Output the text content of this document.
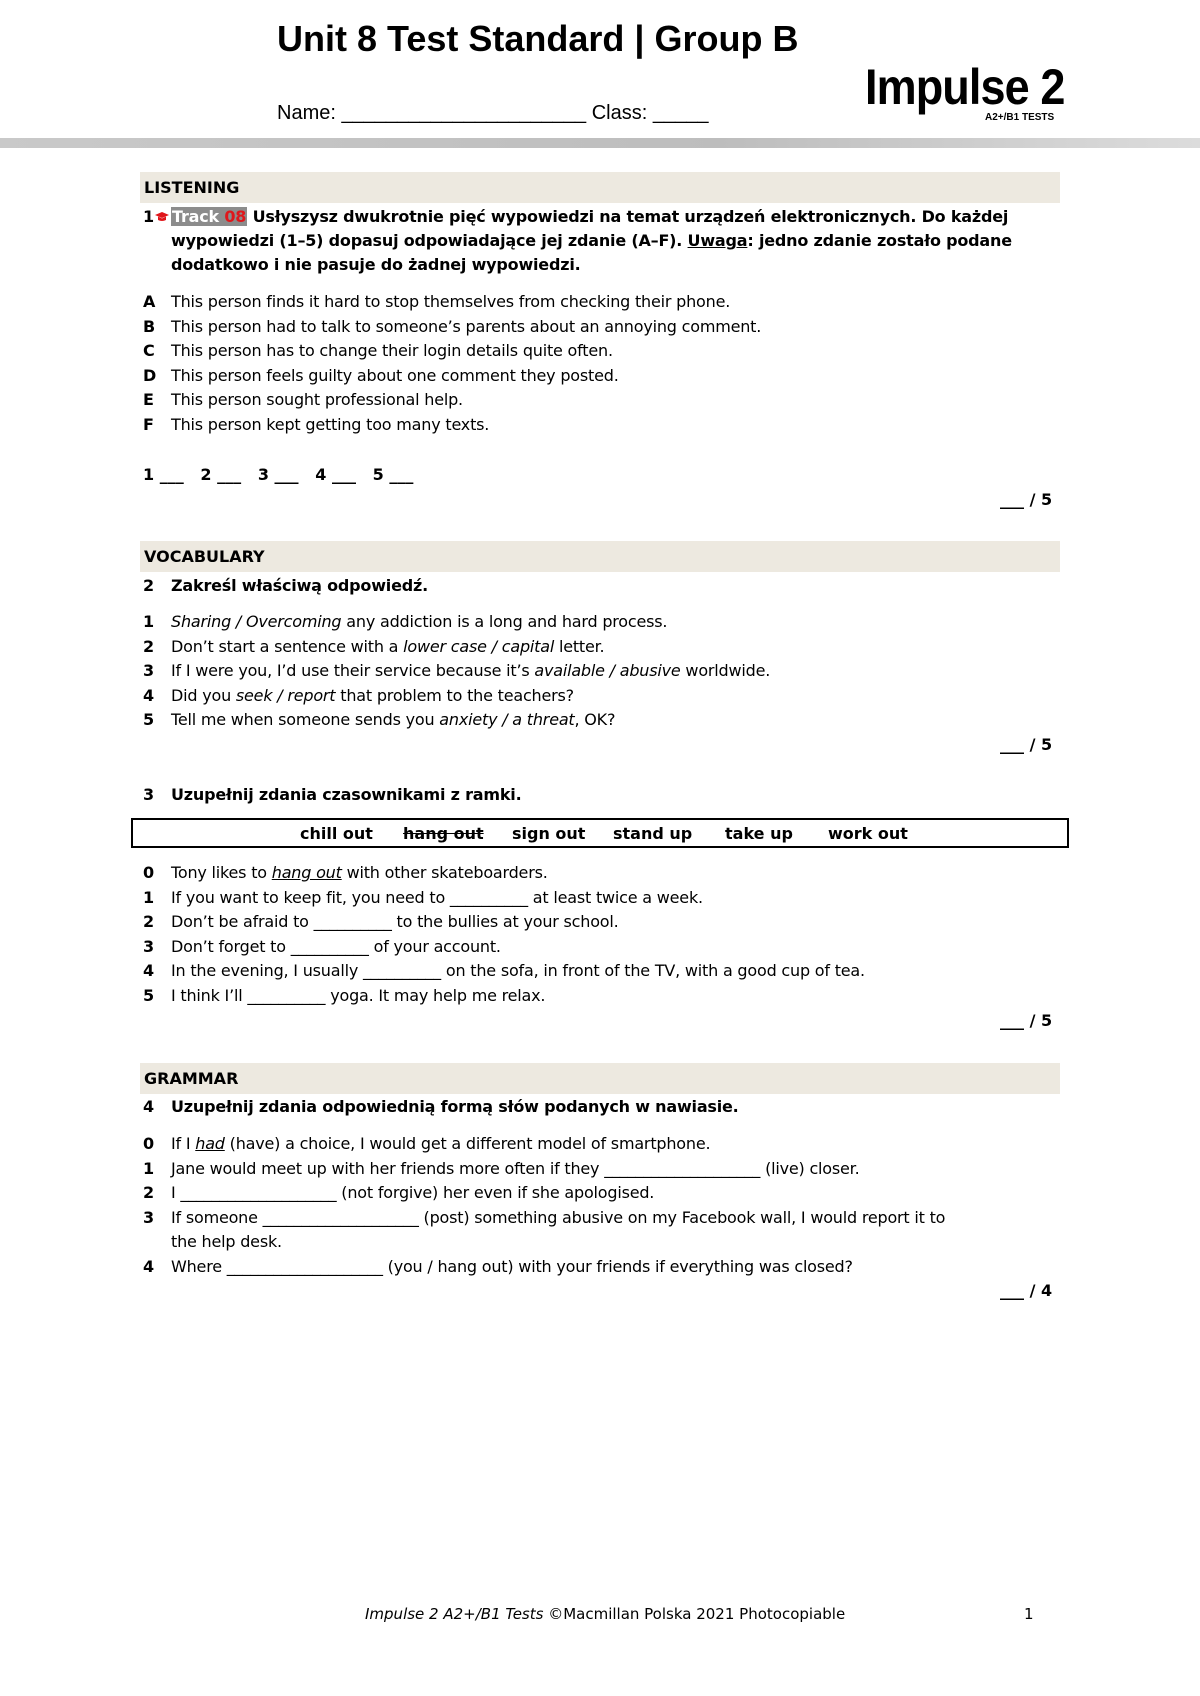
Unit 8 Test Standard | Group B
Name: ______________________ Class: _____	Impulse 2
A2+/B1 TESTS
LISTENING
1 Track 08 Usłyszysz dwukrotnie pięć wypowiedzi na temat urządzeń elektronicznych. Do każdej
wypowiedzi (1–5) dopasuj odpowiadające jej zdanie (A–F). Uwaga: jedno zdanie zostało podane
dodatkowo i nie pasuje do żadnej wypowiedzi.
A This person finds it hard to stop themselves from checking their phone.
B This person had to talk to someone’s parents about an annoying comment.
C This person has to change their login details quite often.
D This person feels guilty about one comment they posted.
E This person sought professional help.
F This person kept getting too many texts.
1 ___   2 ___   3 ___   4 ___   5 ___
___ / 5
VOCABULARY
2 Zakreśl właściwą odpowiedź.
1 Sharing / Overcoming any addiction is a long and hard process.
2 Don’t start a sentence with a lower case / capital letter.
3 If I were you, I’d use their service because it’s available / abusive worldwide.
4 Did you seek / report that problem to the teachers?
5 Tell me when someone sends you anxiety / a threat, OK?
___ / 5
3 Uzupełnij zdania czasownikami z ramki.
chill out hang out sign out stand up take up work out
0 Tony likes to hang out with other skateboarders.
1 If you want to keep fit, you need to __________ at least twice a week.
2 Don’t be afraid to __________ to the bullies at your school.
3 Don’t forget to __________ of your account.
4 In the evening, I usually __________ on the sofa, in front of the TV, with a good cup of tea.
5 I think I’ll __________ yoga. It may help me relax.
___ / 5
GRAMMAR
4 Uzupełnij zdania odpowiednią formą słów podanych w nawiasie.
0 If I had (have) a choice, I would get a different model of smartphone.
1 Jane would meet up with her friends more often if they ____________________ (live) closer.
2 I ____________________ (not forgive) her even if she apologised.
3 If someone ____________________ (post) something abusive on my Facebook wall, I would report it to
the help desk.
4 Where ____________________ (you / hang out) with your friends if everything was closed?
___ / 4
Impulse 2 A2+/B1 Tests ©Macmillan Polska 2021 Photocopiable	1
